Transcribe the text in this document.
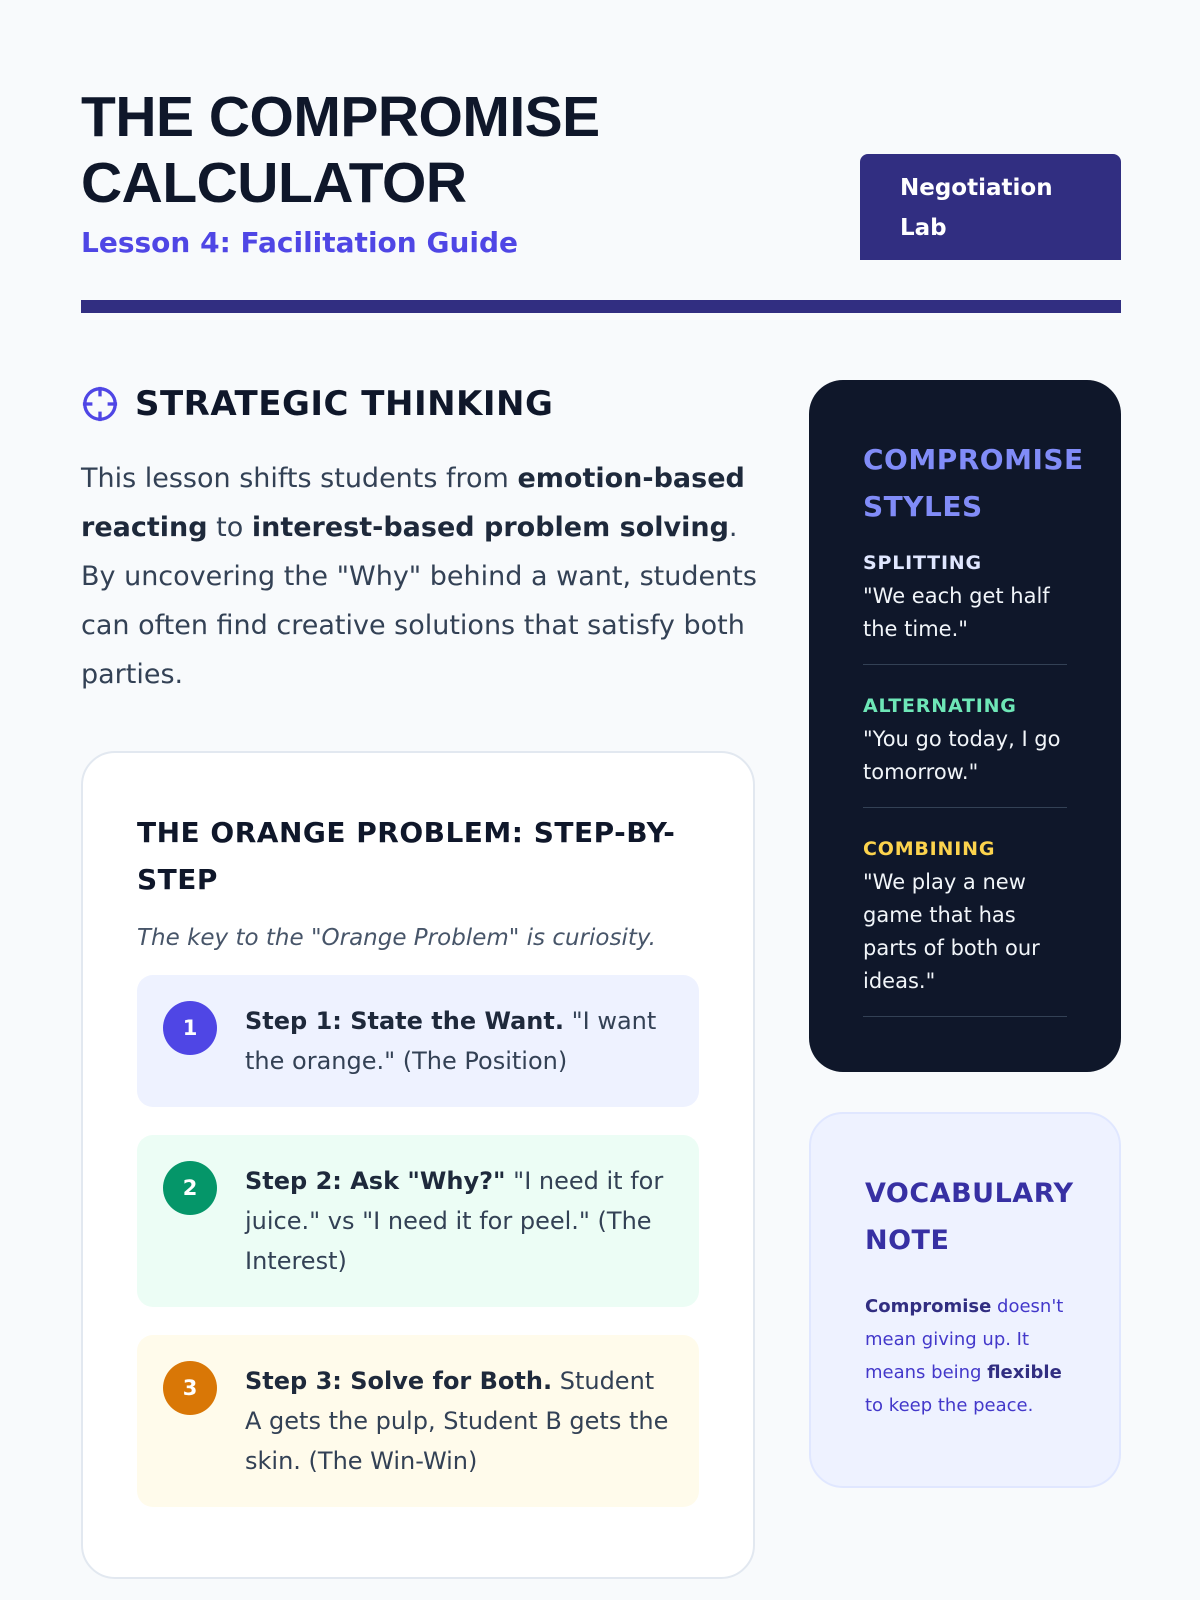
THE COMPROMISE CALCULATOR
Lesson 4: Facilitation Guide
Negotiation Lab
STRATEGIC THINKING

This lesson shifts students from emotion-based reacting to interest-based problem solving. By uncovering the "Why" behind a want, students can often find creative solutions that satisfy both parties.

THE ORANGE PROBLEM: STEP-BY-STEP
The key to the "Orange Problem" is curiosity.
1	Step 1: State the Want. "I want the orange." (The Position)
2	Step 2: Ask "Why?" "I need it for juice." vs "I need it for peel." (The Interest)
3	Step 3: Solve for Both. Student A gets the pulp, Student B gets the skin. (The Win-Win)
COMPROMISE STYLES
SPLITTING
"We each get half the time."
ALTERNATING
"You go today, I go tomorrow."
COMBINING
"We play a new game that has parts of both our ideas."
VOCABULARY NOTE

Compromise doesn't mean giving up. It means being flexible to keep the peace.
